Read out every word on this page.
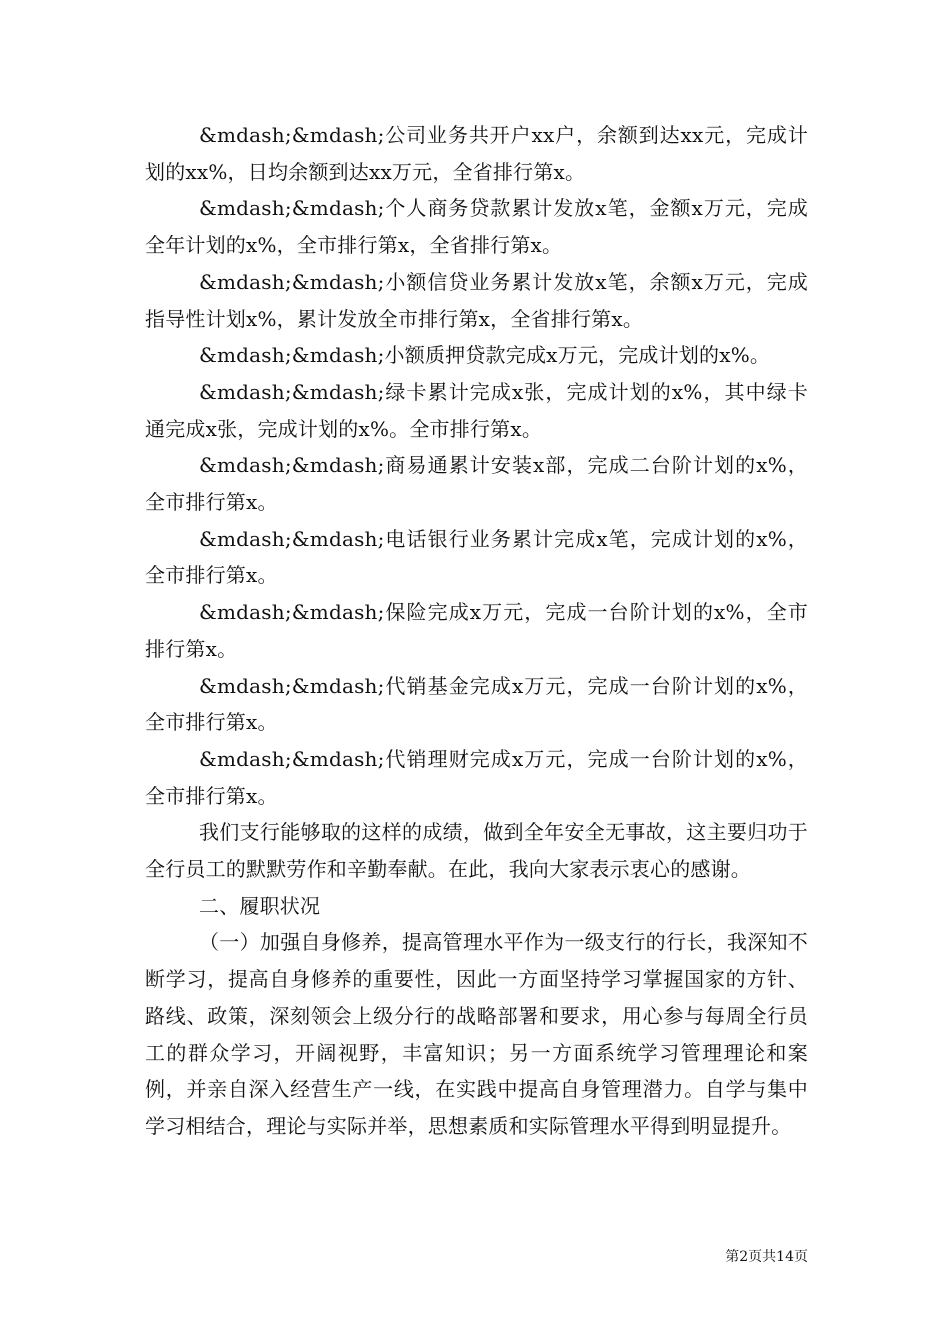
&mdash;&mdash;公司业务共开户xx户，余额到达xx元，完成计划的xx%，日均余额到达xx万元，全省排行第x。

&mdash;&mdash;个人商务贷款累计发放x笔，金额x万元，完成全年计划的x%，全市排行第x，全省排行第x。

&mdash;&mdash;小额信贷业务累计发放x笔，余额x万元，完成指导性计划x%，累计发放全市排行第x，全省排行第x。

&mdash;&mdash;小额质押贷款完成x万元，完成计划的x%。

&mdash;&mdash;绿卡累计完成x张，完成计划的x%，其中绿卡通完成x张，完成计划的x%。全市排行第x。

&mdash;&mdash;商易通累计安装x部，完成二台阶计划的x%，全市排行第x。

&mdash;&mdash;电话银行业务累计完成x笔，完成计划的x%，全市排行第x。

&mdash;&mdash;保险完成x万元，完成一台阶计划的x%，全市排行第x。

&mdash;&mdash;代销基金完成x万元，完成一台阶计划的x%，全市排行第x。

&mdash;&mdash;代销理财完成x万元，完成一台阶计划的x%，全市排行第x。

我们支行能够取的这样的成绩，做到全年安全无事故，这主要归功于全行员工的默默劳作和辛勤奉献。在此，我向大家表示衷心的感谢。

二、履职状况

（一）加强自身修养，提高管理水平作为一级支行的行长，我深知不断学习，提高自身修养的重要性，因此一方面坚持学习掌握国家的方针、路线、政策，深刻领会上级分行的战略部署和要求，用心参与每周全行员工的群众学习，开阔视野，丰富知识；另一方面系统学习管理理论和案例，并亲自深入经营生产一线，在实践中提高自身管理潜力。自学与集中学习相结合，理论与实际并举，思想素质和实际管理水平得到明显提升。

第2页共14页
